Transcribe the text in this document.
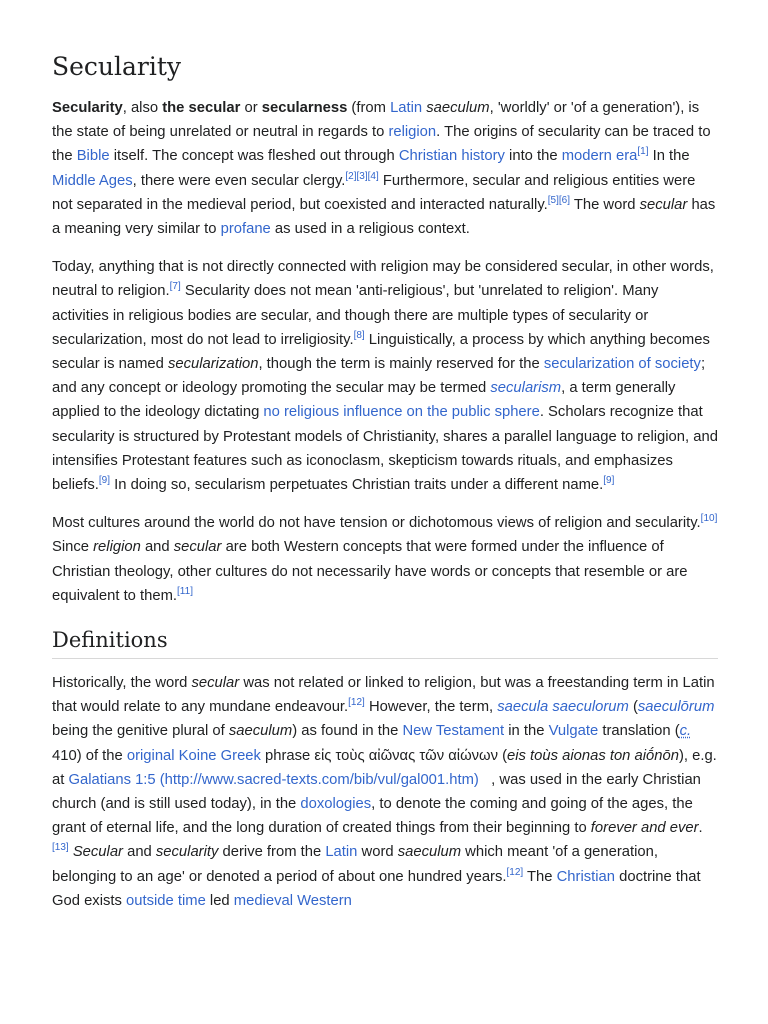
Secularity

Secularity, also the secular or secularness (from Latin saeculum, 'worldly' or 'of a generation'), is the state of being unrelated or neutral in regards to religion. The origins of secularity can be traced to the Bible itself. The concept was fleshed out through Christian history into the modern era[1] In the Middle Ages, there were even secular clergy.[2][3][4] Furthermore, secular and religious entities were not separated in the medieval period, but coexisted and interacted naturally.[5][6] The word secular has a meaning very similar to profane as used in a religious context.

Today, anything that is not directly connected with religion may be considered secular, in other words, neutral to religion.[7] Secularity does not mean 'anti-religious', but 'unrelated to religion'. Many activities in religious bodies are secular, and though there are multiple types of secularity or secularization, most do not lead to irreligiosity.[8] Linguistically, a process by which anything becomes secular is named secularization, though the term is mainly reserved for the secularization of society; and any concept or ideology promoting the secular may be termed secularism, a term generally applied to the ideology dictating no religious influence on the public sphere. Scholars recognize that secularity is structured by Protestant models of Christianity, shares a parallel language to religion, and intensifies Protestant features such as iconoclasm, skepticism towards rituals, and emphasizes beliefs.[9] In doing so, secularism perpetuates Christian traits under a different name.[9]

Most cultures around the world do not have tension or dichotomous views of religion and secularity.[10] Since religion and secular are both Western concepts that were formed under the influence of Christian theology, other cultures do not necessarily have words or concepts that resemble or are equivalent to them.[11]

Definitions

Historically, the word secular was not related or linked to religion, but was a freestanding term in Latin that would relate to any mundane endeavour.[12] However, the term, saecula saeculorum (saeculōrum being the genitive plural of saeculum) as found in the New Testament in the Vulgate translation (c. 410) of the original Koine Greek phrase εἰς τοὺς αἰῶνας τῶν αἰώνων (eis toùs aionas ton aiṓnōn), e.g. at Galatians 1:5 (http://www.sacred-texts.com/bib/vul/gal001.htm)   , was used in the early Christian church (and is still used today), in the doxologies, to denote the coming and going of the ages, the grant of eternal life, and the long duration of created things from their beginning to forever and ever.[13] Secular and secularity derive from the Latin word saeculum which meant 'of a generation, belonging to an age' or denoted a period of about one hundred years.[12] The Christian doctrine that God exists outside time led medieval Western
